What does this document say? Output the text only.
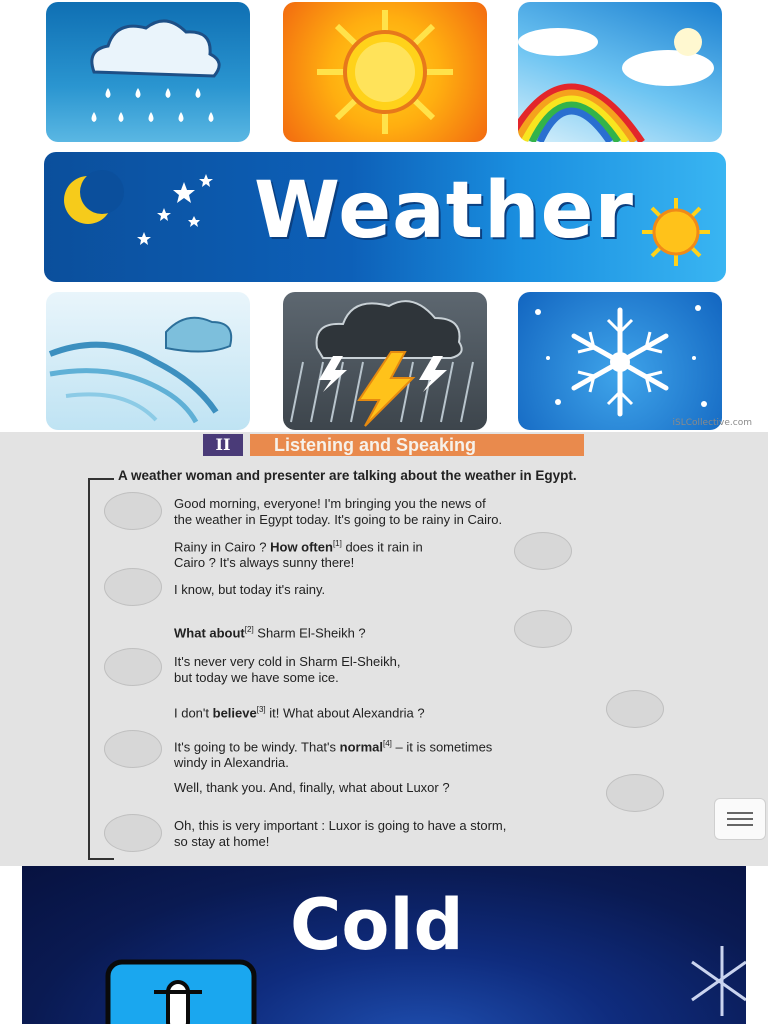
Weather
iSLCollective.com
II	Listening and Speaking
A weather woman and presenter are talking about the weather in Egypt.
Good morning, everyone! I'm bringing you the news of
the weather in Egypt today. It's going to be rainy in Cairo.
Rainy in Cairo ? How often[1] does it rain in
Cairo ? It's always sunny there!
I know, but today it's rainy.
What about[2] Sharm El-Sheikh ?
It's never very cold in Sharm El-Sheikh,
but today we have some ice.
I don't believe[3] it! What about Alexandria ?
It's going to be windy. That's normal[4] – it is sometimes
windy in Alexandria.
Well, thank you. And, finally, what about Luxor ?
Oh, this is very important : Luxor is going to have a storm,
so stay at home!
Cold
